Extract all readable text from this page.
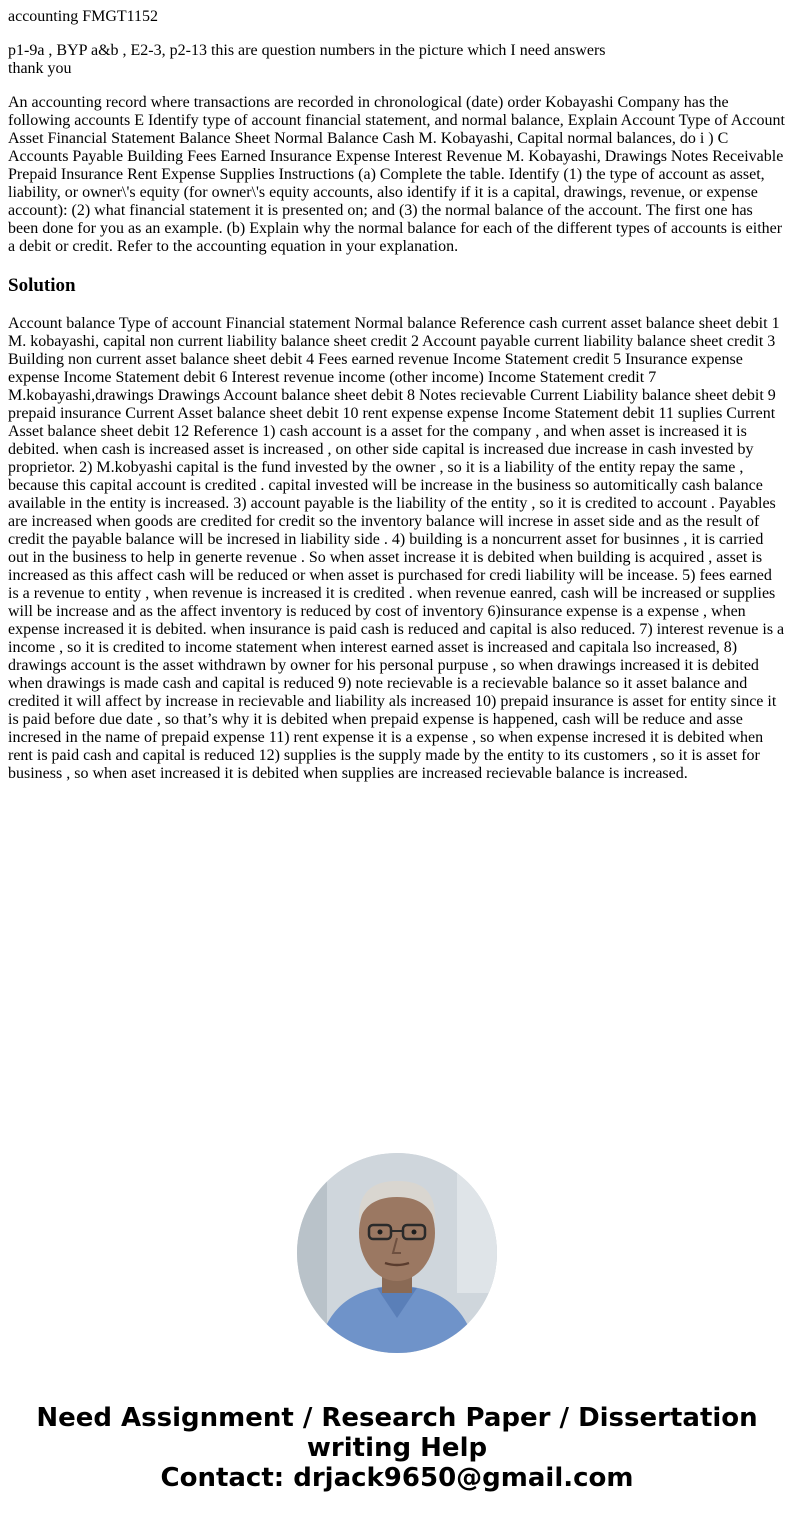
accounting FMGT1152

p1-9a , BYP a&b , E2-3, p2-13 this are question numbers in the picture which I need answers
thank you

An accounting record where transactions are recorded in chronological (date) order Kobayashi Company has the following accounts E Identify type of account financial statement, and normal balance, Explain Account Type of Account Asset Financial Statement Balance Sheet Normal Balance Cash M. Kobayashi, Capital normal balances, do i ) C Accounts Payable Building Fees Earned Insurance Expense Interest Revenue M. Kobayashi, Drawings Notes Receivable Prepaid Insurance Rent Expense Supplies Instructions (a) Complete the table. Identify (1) the type of account as asset, liability, or owner\'s equity (for owner\'s equity accounts, also identify if it is a capital, drawings, revenue, or expense account): (2) what financial statement it is presented on; and (3) the normal balance of the account. The first one has been done for you as an example. (b) Explain why the normal balance for each of the different types of accounts is either a debit or credit. Refer to the accounting equation in your explanation.

Solution

Account balance Type of account Financial statement Normal balance Reference cash current asset balance sheet debit 1 M. kobayashi, capital non current liability balance sheet credit 2 Account payable current liability balance sheet credit 3 Building non current asset balance sheet debit 4 Fees earned revenue Income Statement credit 5 Insurance expense expense Income Statement debit 6 Interest revenue income (other income) Income Statement credit 7 M.kobayashi,drawings Drawings Account balance sheet debit 8 Notes recievable Current Liability balance sheet debit 9 prepaid insurance Current Asset balance sheet debit 10 rent expense expense Income Statement debit 11 suplies Current Asset balance sheet debit 12 Reference 1) cash account is a asset for the company , and when asset is increased it is debited. when cash is increased asset is increased , on other side capital is increased due increase in cash invested by proprietor. 2) M.kobyashi capital is the fund invested by the owner , so it is a liability of the entity repay the same , because this capital account is credited . capital invested will be increase in the business so automitically cash balance available in the entity is increased. 3) account payable is the liability of the entity , so it is credited to account . Payables are increased when goods are credited for credit so the inventory balance will increse in asset side and as the result of credit the payable balance will be incresed in liability side . 4) building is a noncurrent asset for businnes , it is carried out in the business to help in generte revenue . So when asset increase it is debited when building is acquired , asset is increased as this affect cash will be reduced or when asset is purchased for credi liability will be incease. 5) fees earned is a revenue to entity , when revenue is increased it is credited . when revenue eanred, cash will be increased or supplies will be increase and as the affect inventory is reduced by cost of inventory 6)insurance expense is a expense , when expense increased it is debited. when insurance is paid cash is reduced and capital is also reduced. 7) interest revenue is a income , so it is credited to income statement when interest earned asset is increased and capitala lso increased, 8) drawings account is the asset withdrawn by owner for his personal purpuse , so when drawings increased it is debited when drawings is made cash and capital is reduced 9) note recievable is a recievable balance so it asset balance and credited it will affect by increase in recievable and liability als increased 10) prepaid insurance is asset for entity since it is paid before due date , so that’s why it is debited when prepaid expense is happened, cash will be reduce and asse incresed in the name of prepaid expense 11) rent expense it is a expense , so when expense incresed it is debited when rent is paid cash and capital is reduced 12) supplies is the supply made by the entity to its customers , so it is asset for business , so when aset increased it is debited when supplies are increased recievable balance is increased.

Need Assignment / Research Paper / Dissertation
writing Help
Contact: drjack9650@gmail.com
